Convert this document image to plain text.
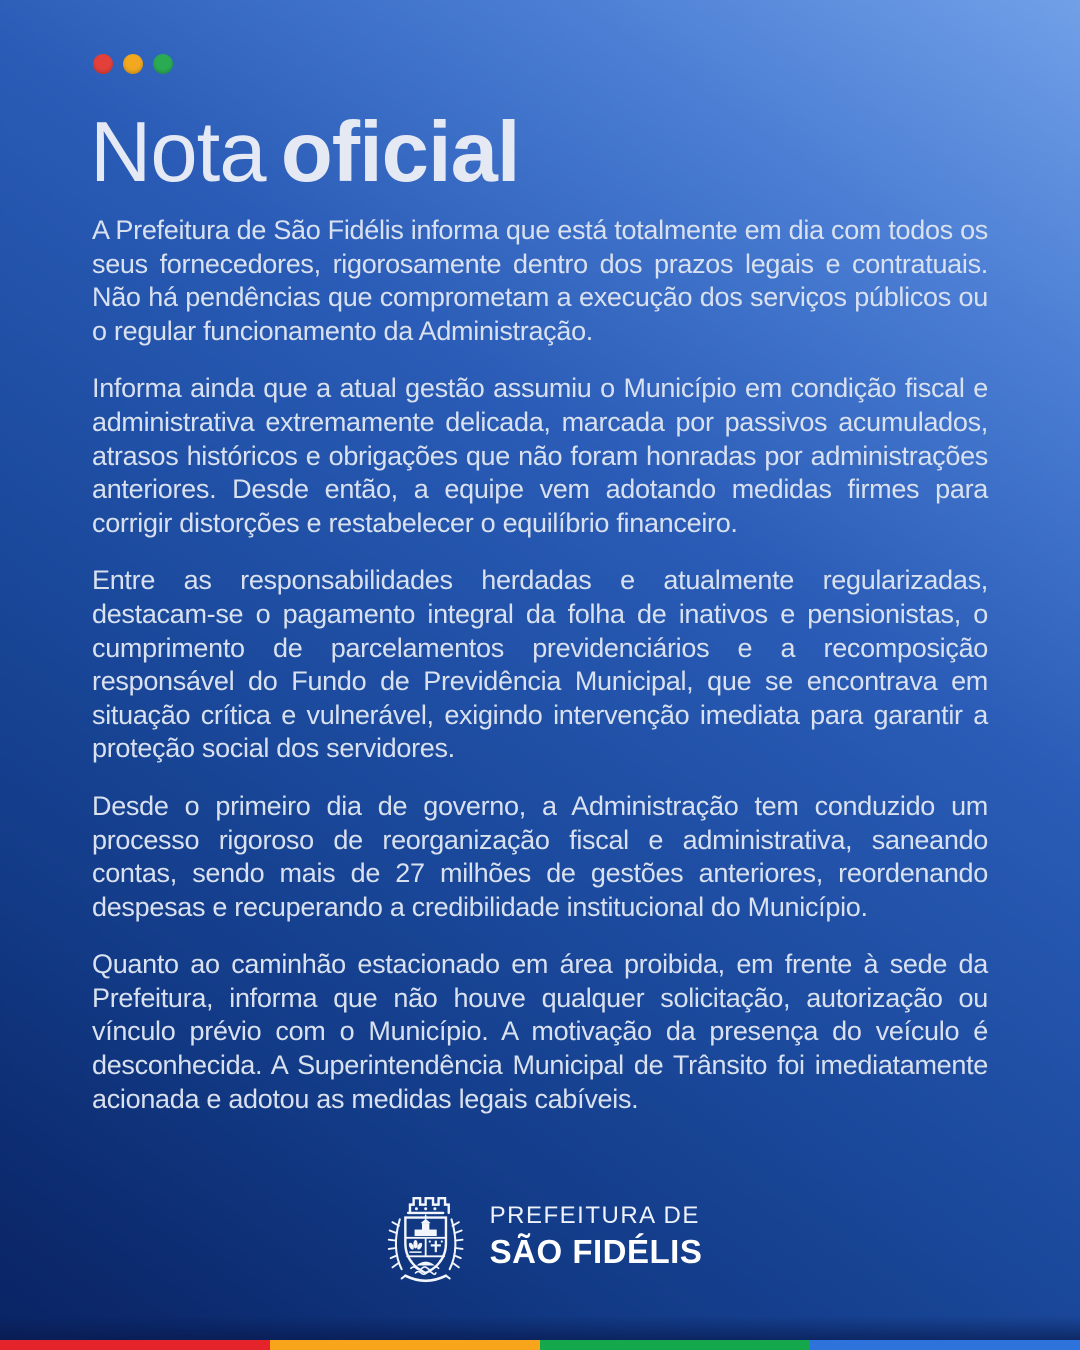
Nota oficial

A Prefeitura de São Fidélis informa que está totalmente em dia com todos os seus fornecedores, rigorosamente dentro dos prazos legais e contratuais. Não há pendências que comprometam a execução dos serviços públicos ou o regular funcionamento da Administração.

Informa ainda que a atual gestão assumiu o Município em condição fiscal e administrativa extremamente delicada, marcada por passivos acumulados, atrasos históricos e obrigações que não foram honradas por administrações anteriores. Desde então, a equipe vem adotando medidas firmes para corrigir distorções e restabelecer o equilíbrio financeiro.

Entre as responsabilidades herdadas e atualmente regularizadas, destacam-se o pagamento integral da folha de inativos e pensionistas, o cumprimento de parcelamentos previdenciários e a recomposição responsável do Fundo de Previdência Municipal, que se encontrava em situação crítica e vulnerável, exigindo intervenção imediata para garantir a proteção social dos servidores.

Desde o primeiro dia de governo, a Administração tem conduzido um processo rigoroso de reorganização fiscal e administrativa, saneando contas, sendo mais de 27 milhões de gestões anteriores, reordenando despesas e recuperando a credibilidade institucional do Município.

Quanto ao caminhão estacionado em área proibida, em frente à sede da Prefeitura, informa que não houve qualquer solicitação, autorização ou vínculo prévio com o Município. A motivação da presença do veículo é desconhecida. A Superintendência Municipal de Trânsito foi imediatamente acionada e adotou as medidas legais cabíveis.

PREFEITURA DE
SÃO FIDÉLIS
